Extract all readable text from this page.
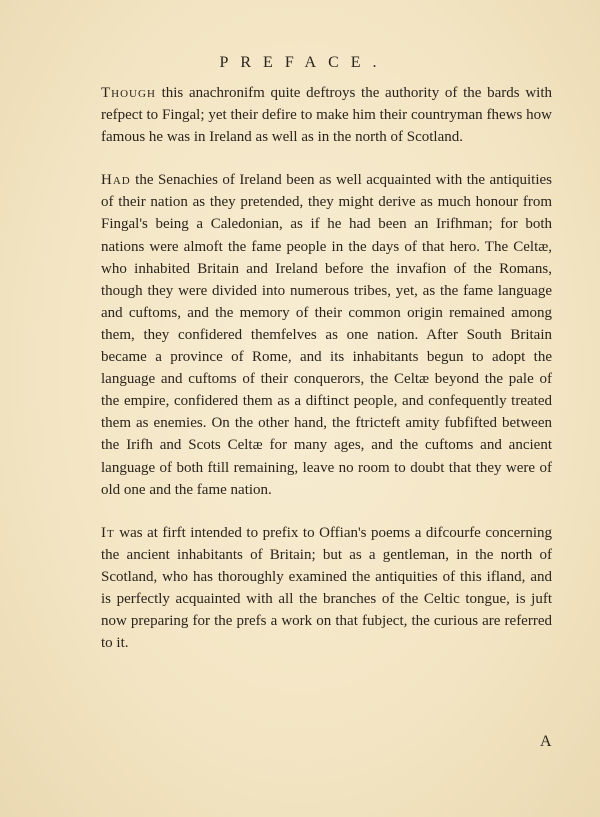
PREFACE.

Though this anachronifm quite deftroys the authority of the bards with refpect to Fingal; yet their defire to make him their countryman fhews how famous he was in Ireland as well as in the north of Scotland.

Had the Senachies of Ireland been as well acquainted with the antiquities of their nation as they pretended, they might derive as much honour from Fingal's being a Caledonian, as if he had been an Irifhman; for both nations were almoft the fame people in the days of that hero. The Celtæ, who inhabited Britain and Ireland before the invafion of the Romans, though they were divided into numerous tribes, yet, as the fame language and cuftoms, and the memory of their common origin remained among them, they confidered themfelves as one nation. After South Britain became a province of Rome, and its inhabitants begun to adopt the language and cuftoms of their conquerors, the Celtæ beyond the pale of the empire, confidered them as a diftinct people, and confequently treated them as enemies. On the other hand, the ftricteft amity fubfifted between the Irifh and Scots Celtæ for many ages, and the cuftoms and ancient language of both ftill remaining, leave no room to doubt that they were of old one and the fame nation.

It was at firft intended to prefix to Offian's poems a difcourfe concerning the ancient inhabitants of Britain; but as a gentleman, in the north of Scotland, who has thoroughly examined the antiquities of this ifland, and is perfectly acquainted with all the branches of the Celtic tongue, is juft now preparing for the prefs a work on that fubject, the curious are referred to it.

A
